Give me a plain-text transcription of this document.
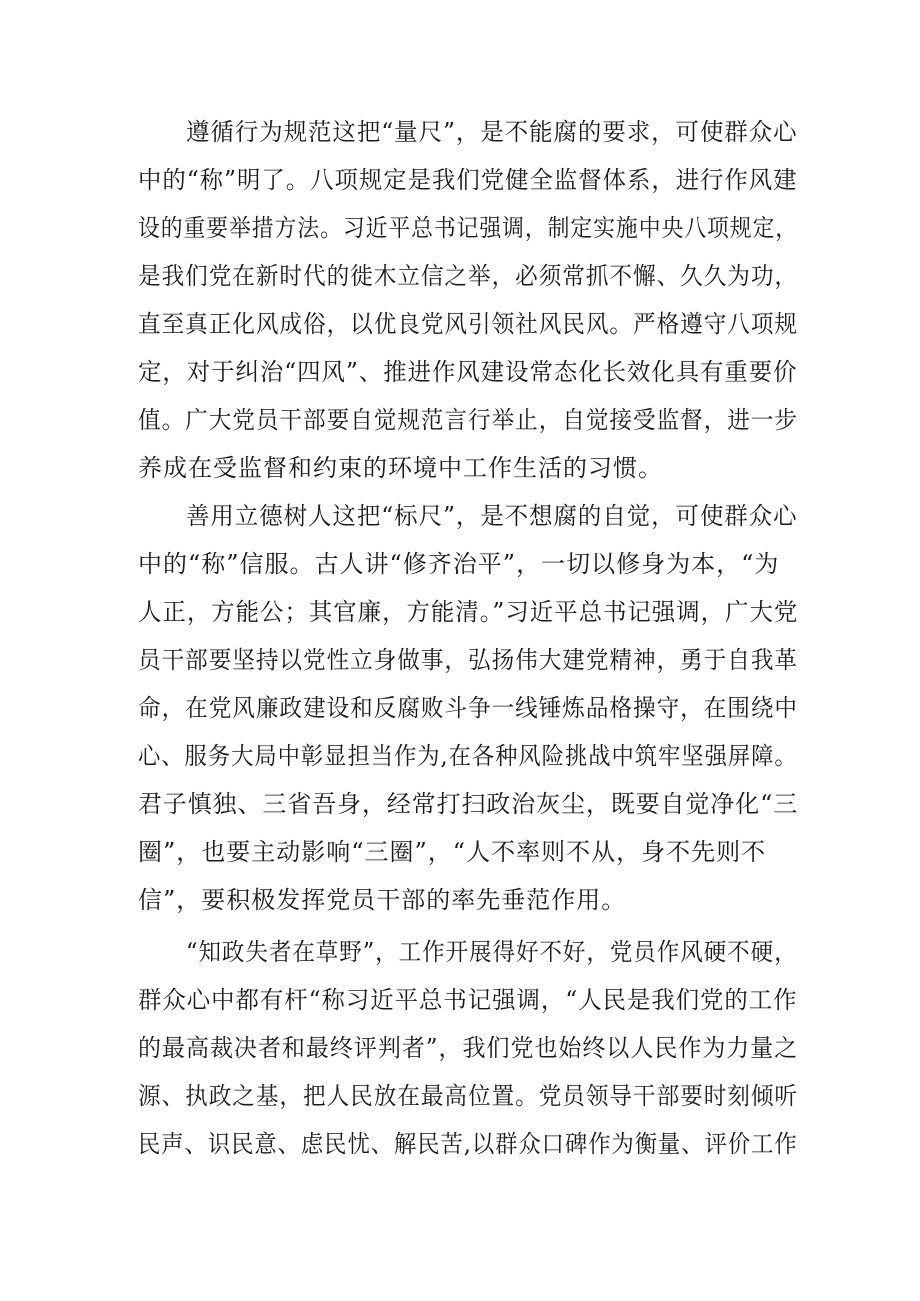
遵循行为规范这把“量尺”，是不能腐的要求，可使群众心
中的“称”明了。八项规定是我们党健全监督体系，进行作风建
设的重要举措方法。习近平总书记强调，制定实施中央八项规定，
是我们党在新时代的徙木立信之举，必须常抓不懈、久久为功，
直至真正化风成俗，以优良党风引领社风民风。严格遵守八项规
定，对于纠治“四风”、推进作风建设常态化长效化具有重要价
值。广大党员干部要自觉规范言行举止，自觉接受监督，进一步
养成在受监督和约束的环境中工作生活的习惯。
善用立德树人这把“标尺”，是不想腐的自觉，可使群众心
中的“称”信服。古人讲“修齐治平”，一切以修身为本，“为
人正，方能公；其官廉，方能清。”习近平总书记强调，广大党
员干部要坚持以党性立身做事，弘扬伟大建党精神，勇于自我革
命，在党风廉政建设和反腐败斗争一线锤炼品格操守，在围绕中
心、服务大局中彰显担当作为,在各种风险挑战中筑牢坚强屏障。
君子慎独、三省吾身，经常打扫政治灰尘，既要自觉净化“三
圈”，也要主动影响“三圈”，“人不率则不从，身不先则不
信”，要积极发挥党员干部的率先垂范作用。
“知政失者在草野”，工作开展得好不好，党员作风硬不硬，
群众心中都有杆“称习近平总书记强调，“人民是我们党的工作
的最高裁决者和最终评判者”，我们党也始终以人民作为力量之
源、执政之基，把人民放在最高位置。党员领导干部要时刻倾听
民声、识民意、虑民忧、解民苦,以群众口碑作为衡量、评价工作
